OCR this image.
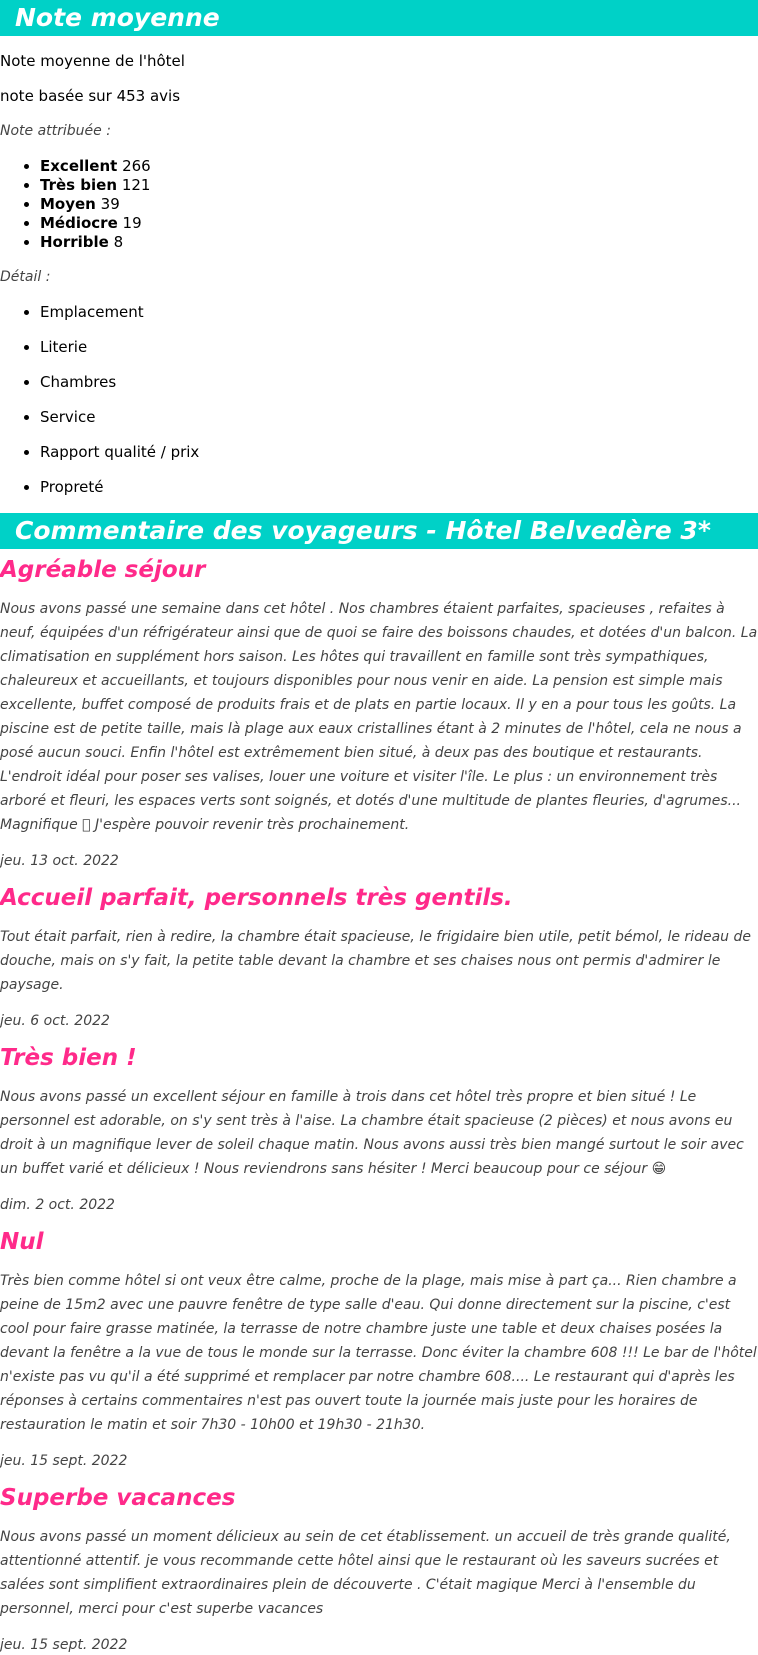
Note moyenne

Note moyenne de l'hôtel

note basée sur 453 avis

Note attribuée :

• Excellent 266
• Très bien 121
• Moyen 39
• Médiocre 19
• Horrible 8

Détail :

• Emplacement
• Literie
• Chambres
• Service
• Rapport qualité / prix
• Propreté
Commentaire des voyageurs - Hôtel Belvedère 3*
Agréable séjour

Nous avons passé une semaine dans cet hôtel . Nos chambres étaient parfaites, spacieuses , refaites à neuf, équipées d'un réfrigérateur ainsi que de quoi se faire des boissons chaudes, et dotées d'un balcon. La climatisation en supplément hors saison. Les hôtes qui travaillent en famille sont très sympathiques, chaleureux et accueillants, et toujours disponibles pour nous venir en aide. La pension est simple mais excellente, buffet composé de produits frais et de plats en partie locaux. Il y en a pour tous les goûts. La piscine est de petite taille, mais là plage aux eaux cristallines étant à 2 minutes de l'hôtel, cela ne nous a posé aucun souci. Enfin l'hôtel est extrêmement bien situé, à deux pas des boutique et restaurants. L'endroit idéal pour poser ses valises, louer une voiture et visiter l'île. Le plus : un environnement très arboré et fleuri, les espaces verts sont soignés, et dotés d'une multitude de plantes fleuries, d'agrumes... Magnifique 􀀀 J'espère pouvoir revenir très prochainement.

jeu. 13 oct. 2022

Accueil parfait, personnels très gentils.

Tout était parfait, rien à redire, la chambre était spacieuse, le frigidaire bien utile, petit bémol, le rideau de douche, mais on s'y fait, la petite table devant la chambre et ses chaises nous ont permis d'admirer le paysage.

jeu. 6 oct. 2022

Très bien !

Nous avons passé un excellent séjour en famille à trois dans cet hôtel très propre et bien situé ! Le personnel est adorable, on s'y sent très à l'aise. La chambre était spacieuse (2 pièces) et nous avons eu droit à un magnifique lever de soleil chaque matin. Nous avons aussi très bien mangé surtout le soir avec un buffet varié et délicieux ! Nous reviendrons sans hésiter ! Merci beaucoup pour ce séjour 😁

dim. 2 oct. 2022

Nul

Très bien comme hôtel si ont veux être calme, proche de la plage, mais mise à part ça... Rien chambre a peine de 15m2 avec une pauvre fenêtre de type salle d'eau. Qui donne directement sur la piscine, c'est cool pour faire grasse matinée, la terrasse de notre chambre juste une table et deux chaises posées la devant la fenêtre a la vue de tous le monde sur la terrasse. Donc éviter la chambre 608 !!! Le bar de l'hôtel n'existe pas vu qu'il a été supprimé et remplacer par notre chambre 608.... Le restaurant qui d'après les réponses à certains commentaires n'est pas ouvert toute la journée mais juste pour les horaires de restauration le matin et soir 7h30 - 10h00 et 19h30 - 21h30.

jeu. 15 sept. 2022

Superbe vacances

Nous avons passé un moment délicieux au sein de cet établissement. un accueil de très grande qualité, attentionné attentif. je vous recommande cette hôtel ainsi que le restaurant où les saveurs sucrées et salées sont simplifient extraordinaires plein de découverte . C'était magique Merci à l'ensemble du personnel, merci pour c'est superbe vacances

jeu. 15 sept. 2022
